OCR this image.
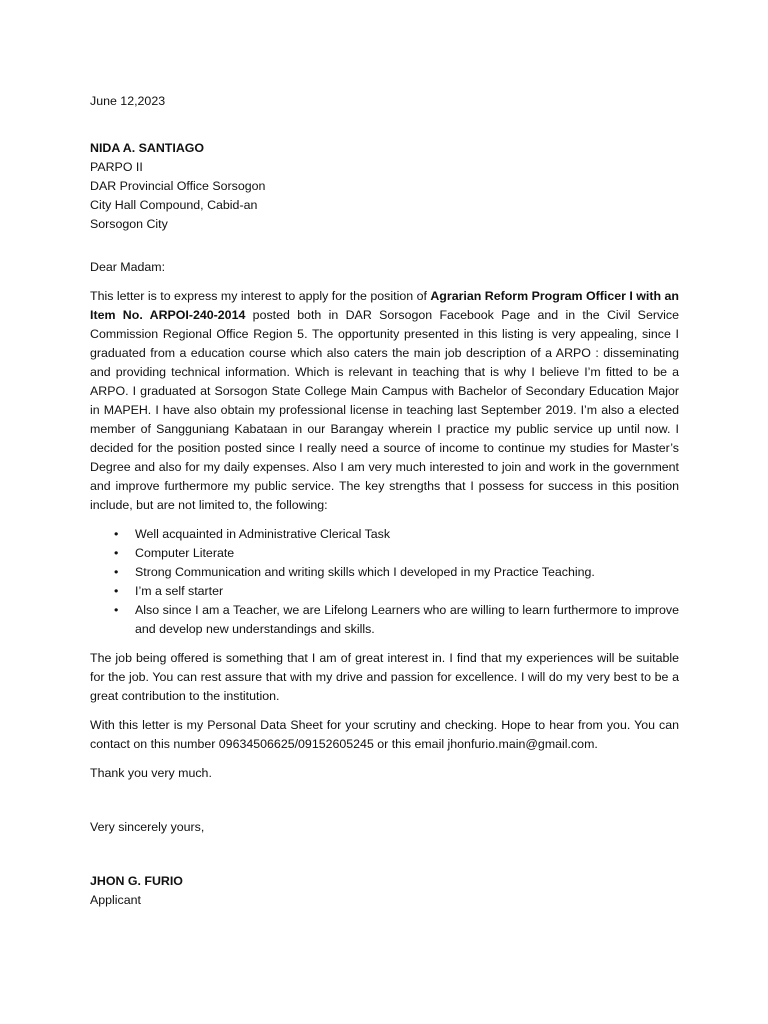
June 12,2023

NIDA A. SANTIAGO

PARPO II

DAR Provincial Office Sorsogon

City Hall Compound, Cabid-an

Sorsogon City

Dear Madam:

This letter is to express my interest to apply for the position of Agrarian Reform Program Officer I with an Item No. ARPOI-240-2014 posted both in DAR Sorsogon Facebook Page and in the Civil Service Commission Regional Office Region 5. The opportunity presented in this listing is very appealing, since I graduated from a education course which also caters the main job description of a ARPO : disseminating and providing technical information. Which is relevant in teaching that is why I believe I’m fitted to be a ARPO. I graduated at Sorsogon State College Main Campus with Bachelor of Secondary Education Major in MAPEH. I have also obtain my professional license in teaching last September 2019. I’m also a elected member of Sangguniang Kabataan in our Barangay wherein I practice my public service up until now. I decided for the position posted since I really need a source of income to continue my studies for Master’s Degree and also for my daily expenses. Also I am very much interested to join and work in the government and improve furthermore my public service. The key strengths that I possess for success in this position include, but are not limited to, the following:

• Well acquainted in Administrative Clerical Task
• Computer Literate
• Strong Communication and writing skills which I developed in my Practice Teaching.
• I’m a self starter
• Also since I am a Teacher, we are Lifelong Learners who are willing to learn furthermore to improve and develop new understandings and skills.

The job being offered is something that I am of great interest in. I find that my experiences will be suitable for the job. You can rest assure that with my drive and passion for excellence. I will do my very best to be a great contribution to the institution.

With this letter is my Personal Data Sheet for your scrutiny and checking. Hope to hear from you. You can contact on this number 09634506625/09152605245 or this email jhonfurio.main@gmail.com.

Thank you very much.

Very sincerely yours,

JHON G. FURIO

Applicant
